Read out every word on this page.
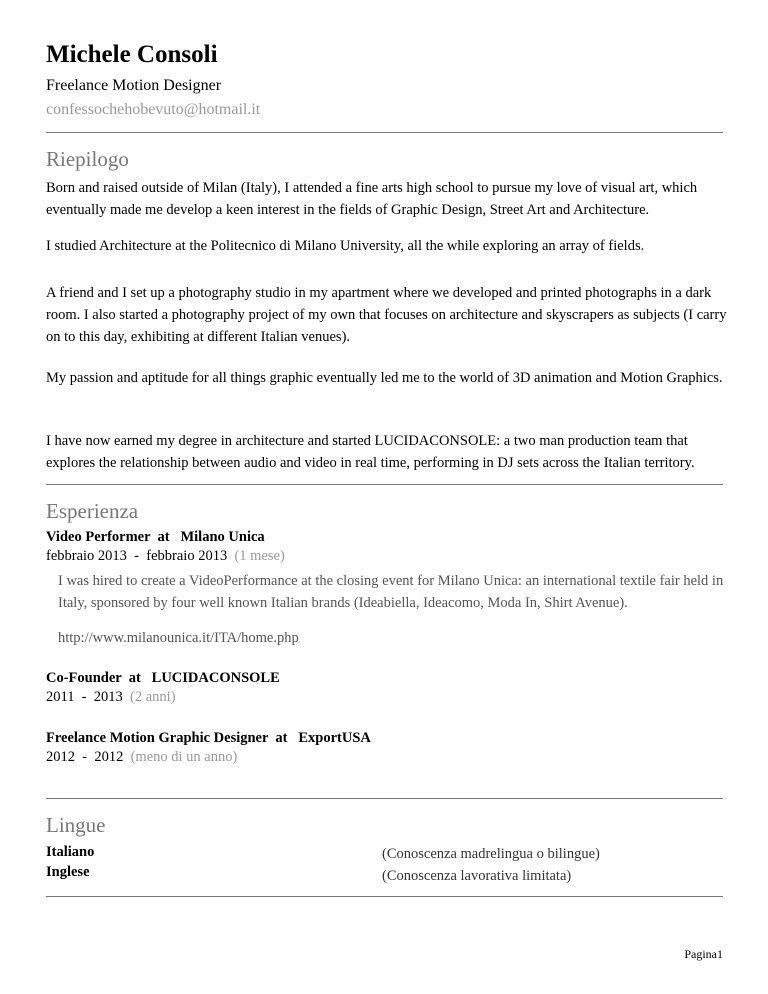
Michele Consoli
Freelance Motion Designer
confessochehobevuto@hotmail.it
Riepilogo
Born and raised outside of Milan (Italy), I attended a fine arts high school to pursue my love of visual art, which eventually made me develop a keen interest in the fields of Graphic Design, Street Art and Architecture.
I studied Architecture at the Politecnico di Milano University, all the while exploring an array of fields.
A friend and I set up a photography studio in my apartment where we developed and printed photographs in a dark room. I also started a photography project of my own that focuses on architecture and skyscrapers as subjects (I carry on to this day, exhibiting at different Italian venues).
My passion and aptitude for all things graphic eventually led me to the world of 3D animation and Motion Graphics.
I have now earned my degree in architecture and started LUCIDACONSOLE: a two man production team that explores the relationship between audio and video in real time, performing in DJ sets across the Italian territory.
Esperienza
Video Performer  at   Milano Unica
febbraio 2013  -  febbraio 2013 (1 mese)
I was hired to create a VideoPerformance at the closing event for Milano Unica: an international textile fair held in Italy, sponsored by four well known Italian brands (Ideabiella, Ideacomo, Moda In, Shirt Avenue).
http://www.milanounica.it/ITA/home.php
Co-Founder  at   LUCIDACONSOLE
2011  -  2013 (2 anni)
Freelance Motion Graphic Designer  at   ExportUSA
2012  -  2012 (meno di un anno)
Lingue
Italiano	(Conoscenza madrelingua o bilingue)
Inglese	(Conoscenza lavorativa limitata)
Pagina1
